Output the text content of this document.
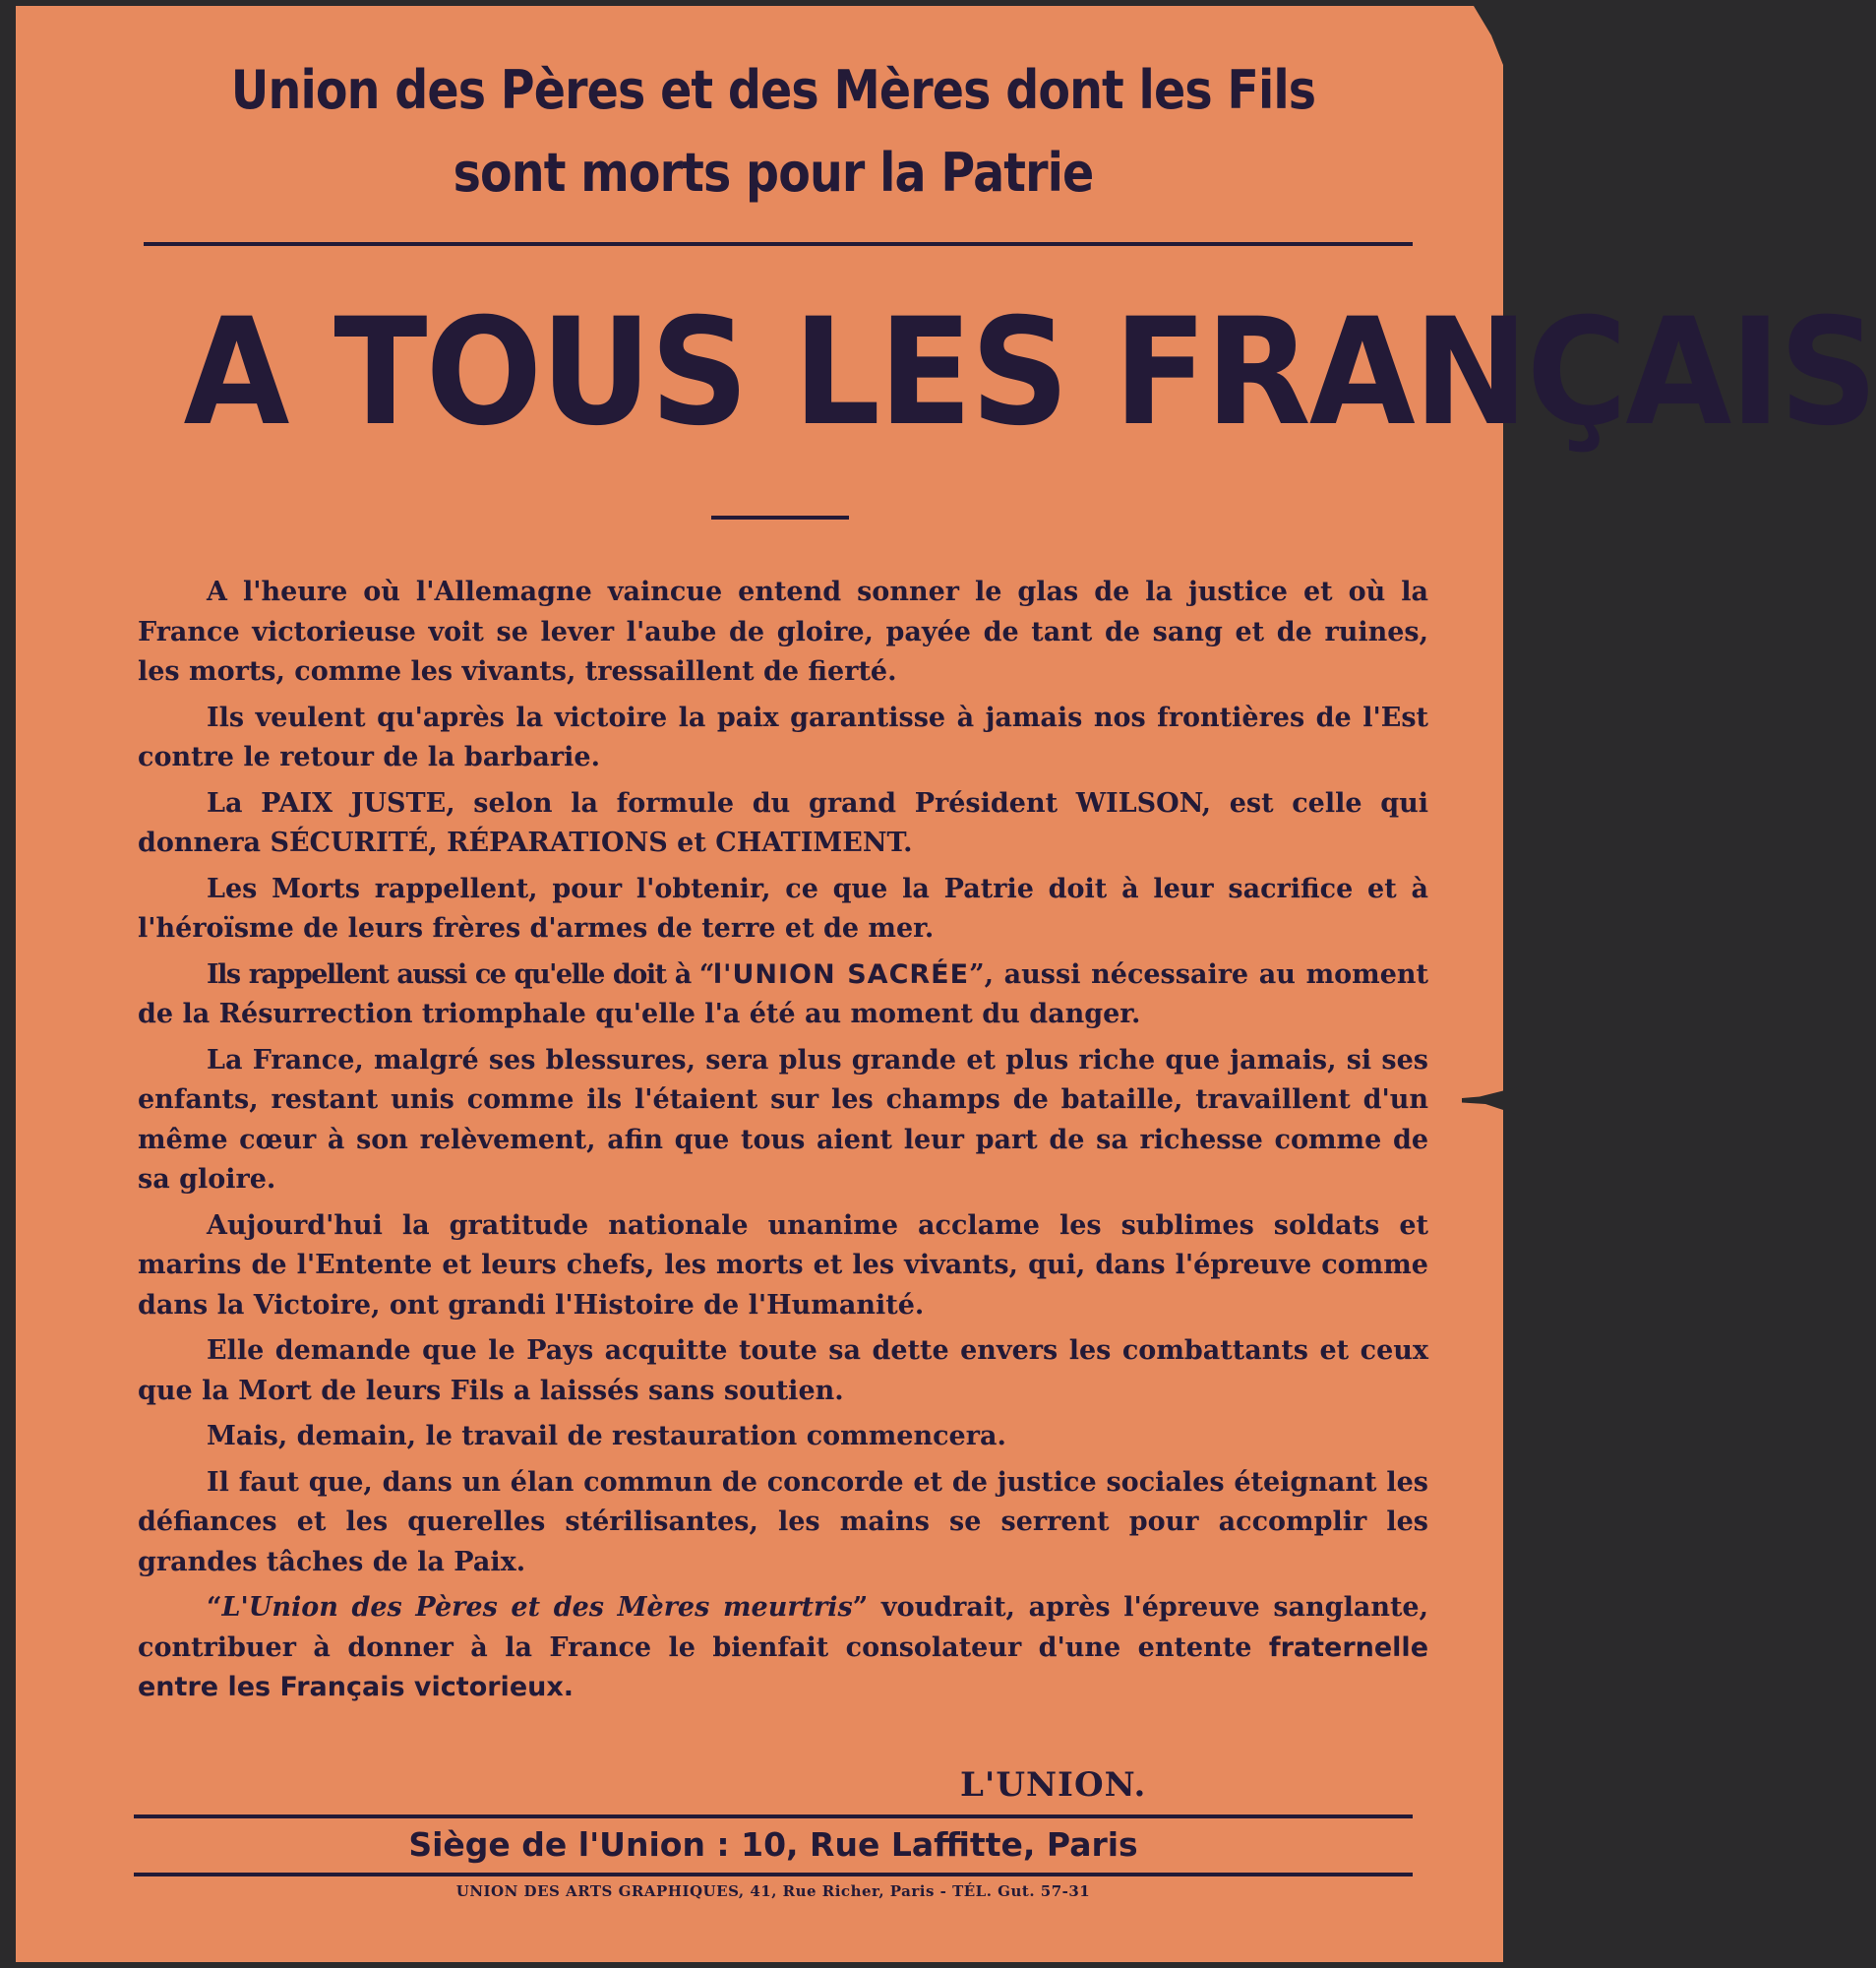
Union des Pères et des Mères dont les Fils
sont morts pour la Patrie
A TOUS LES FRANÇAIS

A l'heure où l'Allemagne vaincue entend sonner le glas de la justice et où la France victorieuse voit se lever l'aube de gloire, payée de tant de sang et de ruines, les morts, comme les vivants, tressaillent de fierté.

Ils veulent qu'après la victoire la paix garantisse à jamais nos frontières de l'Est contre le retour de la barbarie.

La PAIX JUSTE, selon la formule du grand Président WILSON, est celle qui donnera SÉCURITÉ, RÉPARATIONS et CHATIMENT.

Les Morts rappellent, pour l'obtenir, ce que la Patrie doit à leur sacrifice et à l'héroïsme de leurs frères d'armes de terre et de mer.

Ils rappellent aussi ce qu'elle doit à “l'UNION SACRÉE”, aussi nécessaire au moment de la Résurrection triomphale qu'elle l'a été au moment du danger.

La France, malgré ses blessures, sera plus grande et plus riche que jamais, si ses enfants, restant unis comme ils l'étaient sur les champs de bataille, travaillent d'un même cœur à son relèvement, afin que tous aient leur part de sa richesse comme de sa gloire.

Aujourd'hui la gratitude nationale unanime acclame les sublimes soldats et marins de l'Entente et leurs chefs, les morts et les vivants, qui, dans l'épreuve comme dans la Victoire, ont grandi l'Histoire de l'Humanité.

Elle demande que le Pays acquitte toute sa dette envers les combattants et ceux que la Mort de leurs Fils a laissés sans soutien.

Mais, demain, le travail de restauration commencera.

Il faut que, dans un élan commun de concorde et de justice sociales éteignant les défiances et les querelles stérilisantes, les mains se serrent pour accomplir les grandes tâches de la Paix.

“L'Union des Pères et des Mères meurtris” voudrait, après l'épreuve sanglante, contribuer à donner à la France le bienfait consolateur d'une entente fraternelle entre les Français victorieux.

L'UNION.
Siège de l'Union : 10, Rue Laffitte, Paris
UNION DES ARTS GRAPHIQUES, 41, Rue Richer, Paris - TÉL. Gut. 57-31
